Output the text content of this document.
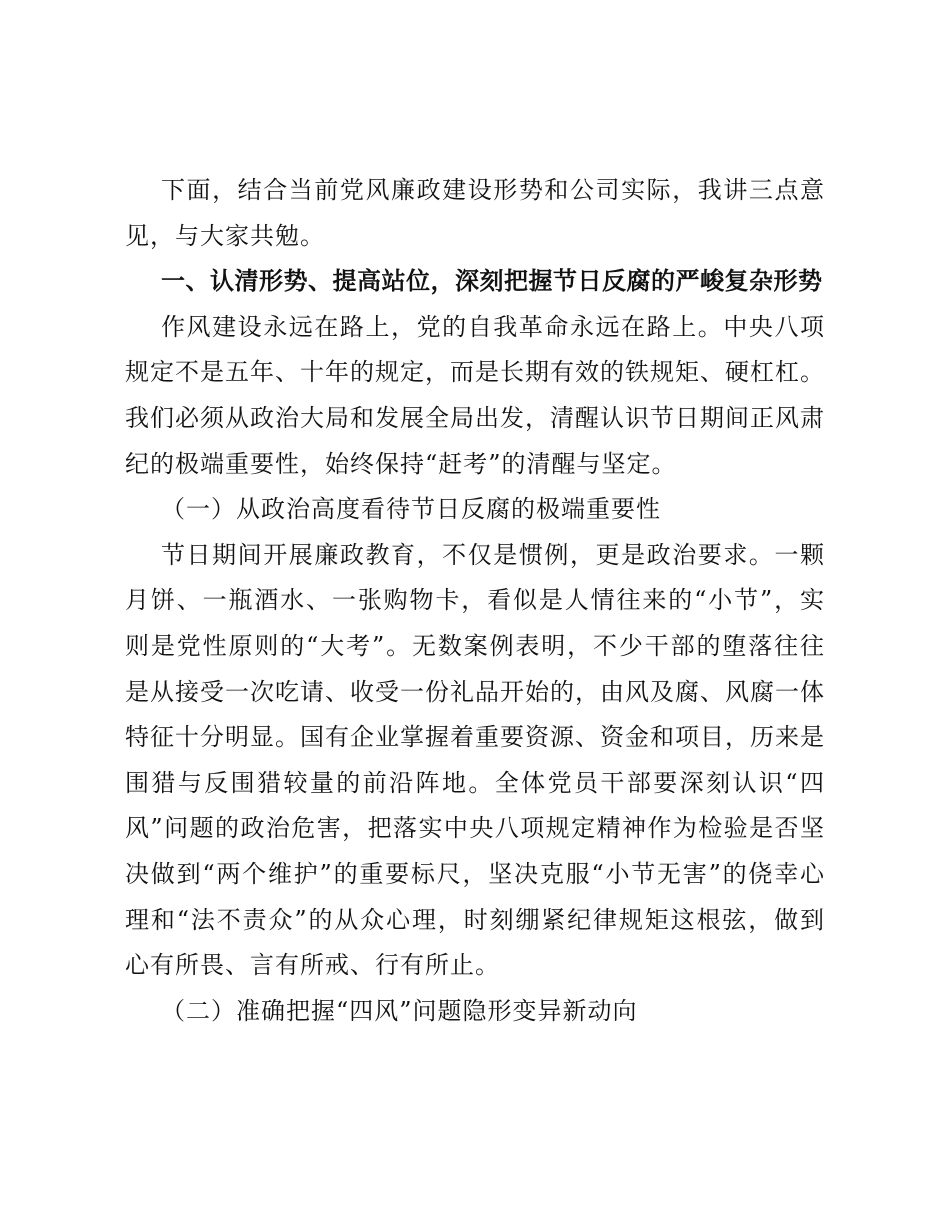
下面，结合当前党风廉政建设形势和公司实际，我讲三点意见，与大家共勉。

一、认清形势、提高站位，深刻把握节日反腐的严峻复杂形势

作风建设永远在路上，党的自我革命永远在路上。中央八项规定不是五年、十年的规定，而是长期有效的铁规矩、硬杠杠。我们必须从政治大局和发展全局出发，清醒认识节日期间正风肃纪的极端重要性，始终保持“赶考”的清醒与坚定。

（一）从政治高度看待节日反腐的极端重要性

节日期间开展廉政教育，不仅是惯例，更是政治要求。一颗月饼、一瓶酒水、一张购物卡，看似是人情往来的“小节”，实则是党性原则的“大考”。无数案例表明，不少干部的堕落往往是从接受一次吃请、收受一份礼品开始的，由风及腐、风腐一体特征十分明显。国有企业掌握着重要资源、资金和项目，历来是围猎与反围猎较量的前沿阵地。全体党员干部要深刻认识“四风”问题的政治危害，把落实中央八项规定精神作为检验是否坚决做到“两个维护”的重要标尺，坚决克服“小节无害”的侥幸心理和“法不责众”的从众心理，时刻绷紧纪律规矩这根弦，做到心有所畏、言有所戒、行有所止。

（二）准确把握“四风”问题隐形变异新动向
